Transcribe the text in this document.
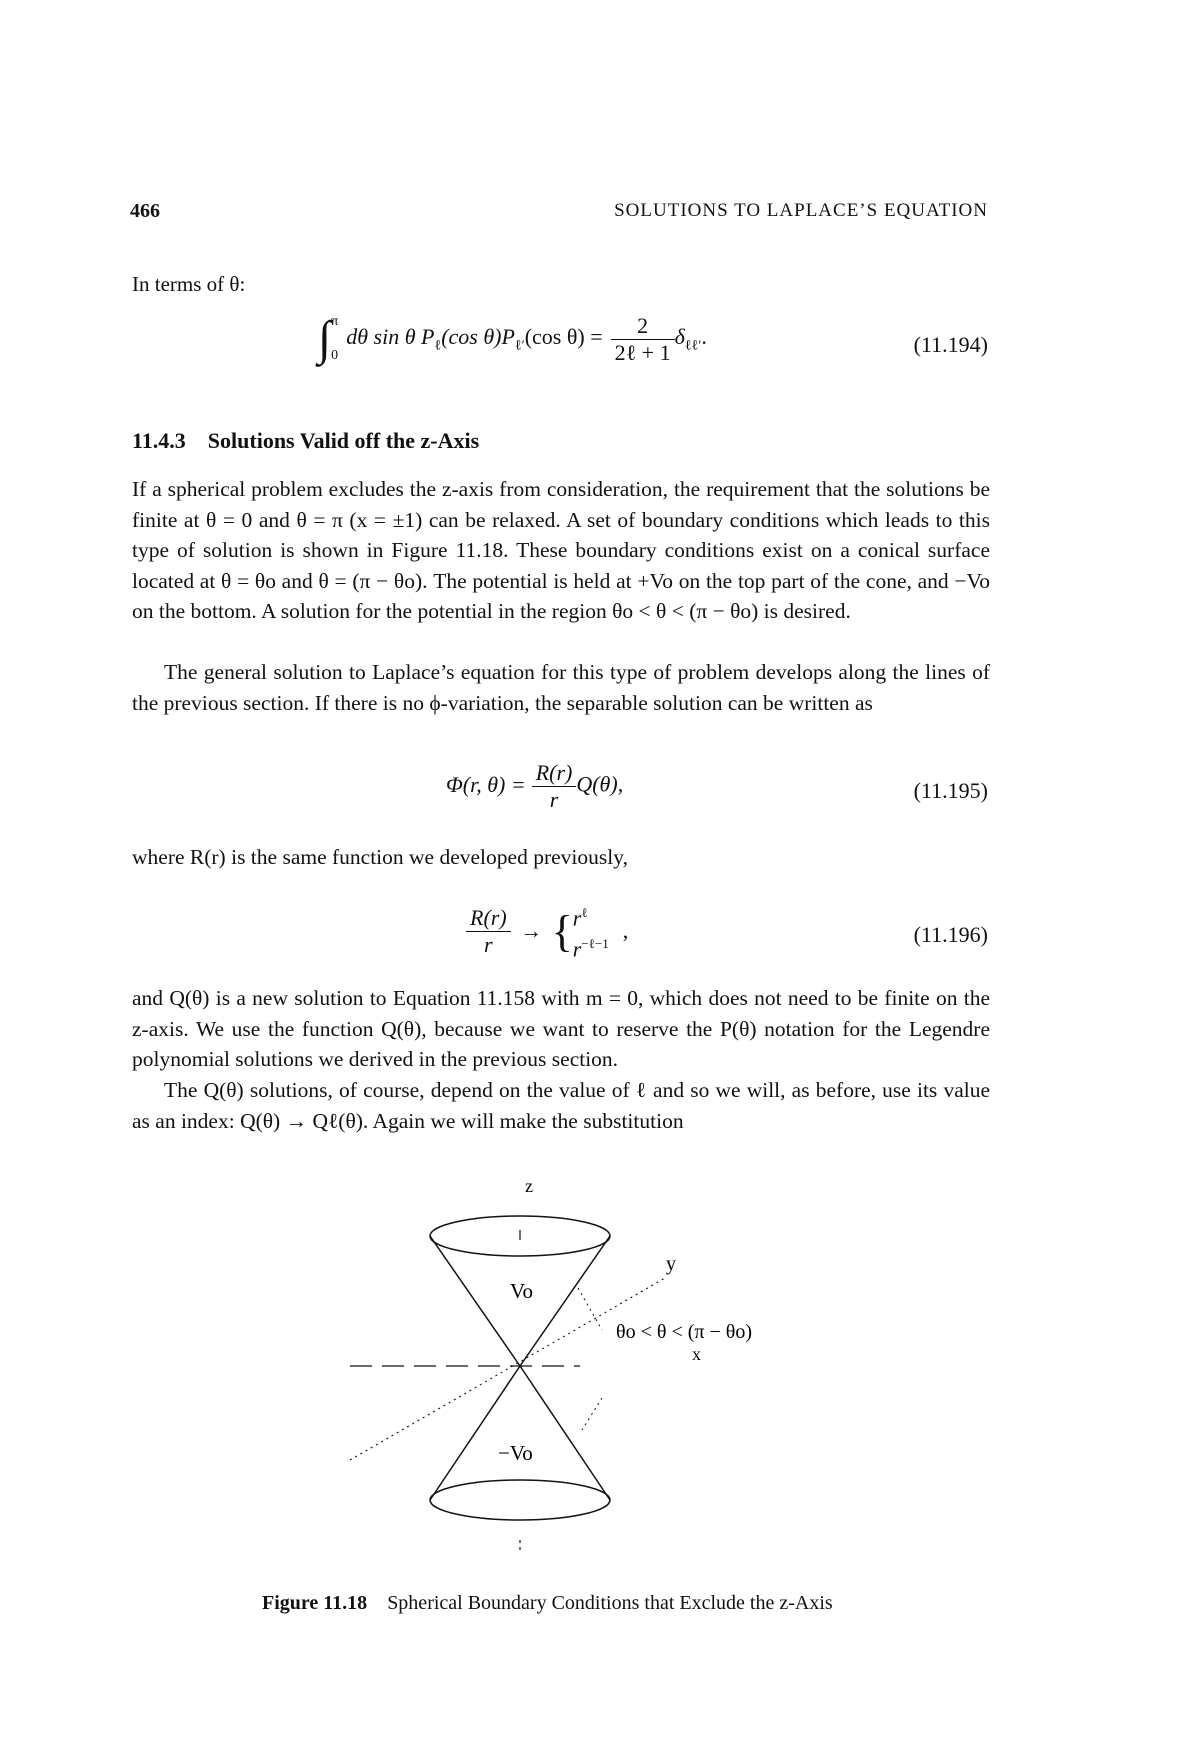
466	SOLUTIONS TO LAPLACE’S EQUATION
In terms of θ:
∫ π
0
dθ sin θ $P_\ell(\cos$ $\theta)P_{\ell'}(\cos$ $\theta) = \frac{2}{\text{2ℓ + 1}} \delta_{\ell\ell'}$.	(11.194)
11.4.3 Solutions Valid off the z-Axis
If a spherical problem excludes the z-axis from consideration, the requirement that the solutions be finite at θ = 0 and θ = π (x = ±1) can be relaxed. A set of boundary conditions which leads to this type of solution is shown in Figure 11.18. These boundary conditions exist on a conical surface located at θ = θo and θ = (π − θo). The potential is held at +Vo on the top part of the cone, and −Vo on the bottom. A solution for the potential in the region θo < θ < (π − θo) is desired.
The general solution to Laplace’s equation for this type of problem develops along the lines of the previous section. If there is no ϕ-variation, the separable solution can be written as
Φ(r, $\theta) = \frac{R(r)}{r} Q(\theta)$,	(11.195)
where R(r) is the same function we developed previously,
$\frac{R(r)}{r}$ → { $r^\ell$
$r^{-\ell-1}$
,	(11.196)
and Q(θ) is a new solution to Equation 11.158 with m = 0, which does not need to be finite on the z-axis. We use the function Q(θ), because we want to reserve the P(θ) notation for the Legendre polynomial solutions we derived in the previous section.
The Q(θ) solutions, of course, depend on the value of ℓ and so we will, as before, use its value as an index: Q(θ) → Qℓ(θ). Again we will make the substitution
z
y
θo < θ < (π − θo)
x
Vo
−Vo
Figure 11.18 Spherical Boundary Conditions that Exclude the z-Axis
